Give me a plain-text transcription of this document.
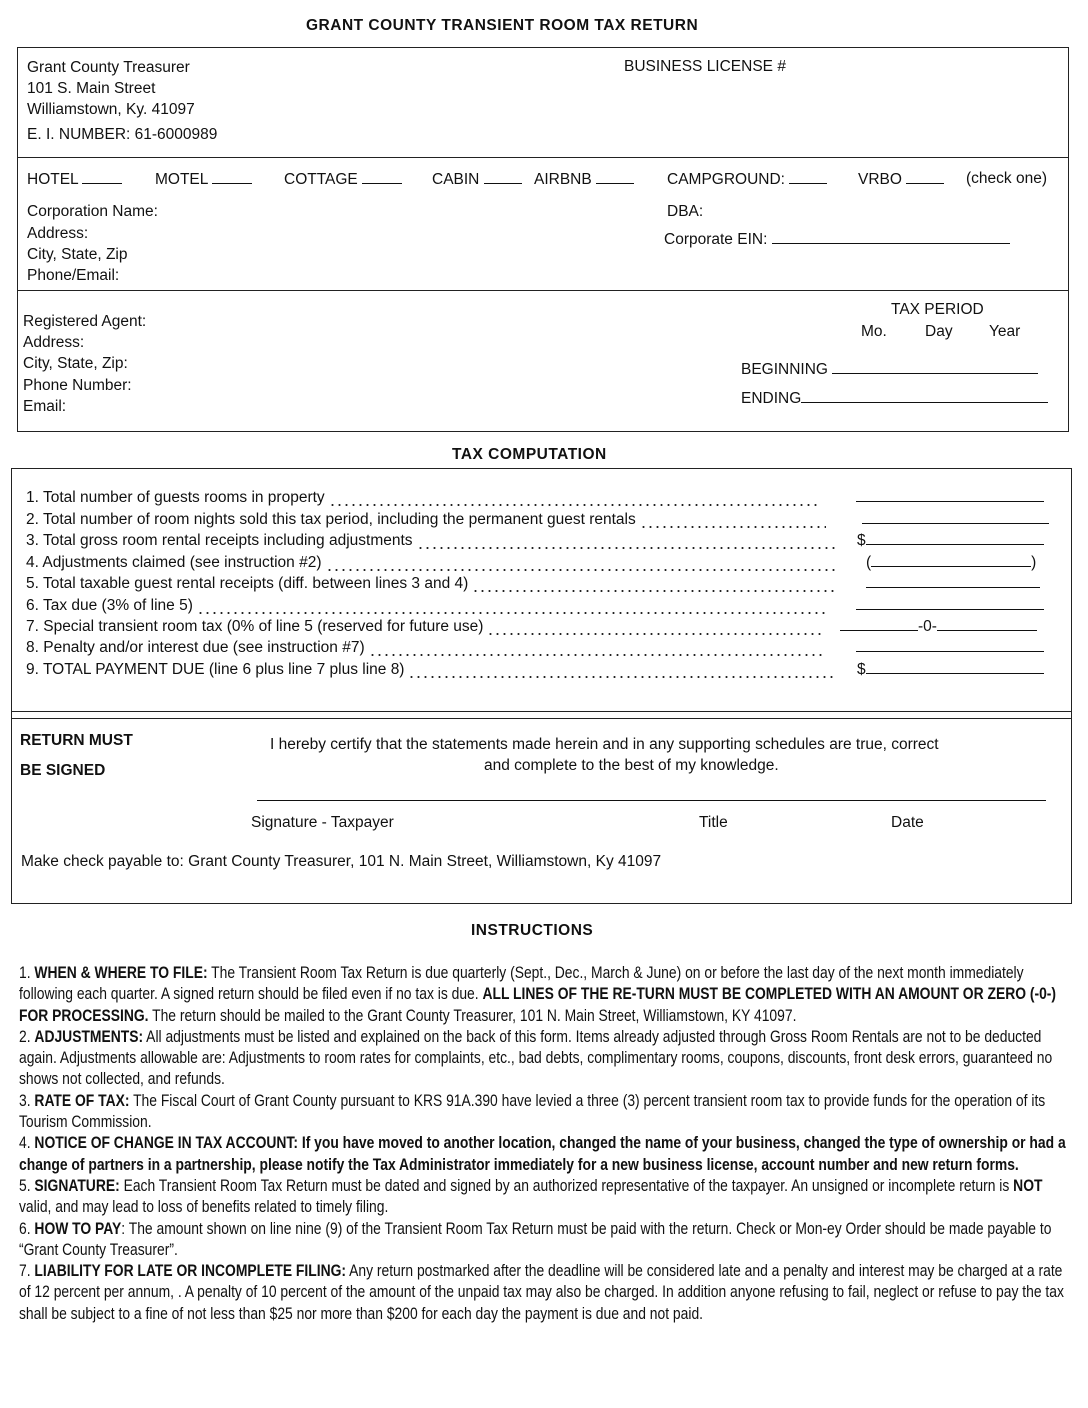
GRANT COUNTY TRANSIENT ROOM TAX RETURN
Grant County Treasurer
101 S. Main Street
Williamstown, Ky. 41097
E. I. NUMBER: 61-6000989
BUSINESS LICENSE #
HOTEL	MOTEL	COTTAGE	CABIN	AIRBNB	CAMPGROUND:	VRBO	(check one)
Corporation Name:
Address:
City, State, Zip
Phone/Email:
DBA:
Corporate EIN:
Registered Agent:
Address:
City, State, Zip:
Phone Number:
Email:
TAX PERIOD
Mo. Day Year
BEGINNING
ENDING
TAX COMPUTATION
1. Total number of guests rooms in property
2. Total number of room nights sold this tax period, including the permanent guest rentals
3. Total gross room rental receipts including adjustments	$
4. Adjustments claimed (see instruction #2)	(	)
5. Total taxable guest rental receipts (diff. between lines 3 and 4)
6. Tax due (3% of line 5)
7. Special transient room tax (0% of line 5 (reserved for future use)	-0-
8. Penalty and/or interest due (see instruction #7)
9. TOTAL PAYMENT DUE (line 6 plus line 7 plus line 8)	$
RETURN MUST
BE SIGNED
I hereby certify that the statements made herein and in any supporting schedules are true, correct
and complete to the best of my knowledge.
Signature - Taxpayer	Title	Date
Make check payable to: Grant County Treasurer, 101 N. Main Street, Williamstown, Ky 41097
INSTRUCTIONS

1. WHEN & WHERE TO FILE: The Transient Room Tax Return is due quarterly (Sept., Dec., March & June) on or before the last day of the next month immediately following each quarter. A signed return should be filed even if no tax is due. ALL LINES OF THE RE-TURN MUST BE COMPLETED WITH AN AMOUNT OR ZERO (-0-) FOR PROCESSING. The return should be mailed to the Grant County Treasurer, 101 N. Main Street, Williamstown, KY 41097.

2. ADJUSTMENTS: All adjustments must be listed and explained on the back of this form. Items already adjusted through Gross Room Rentals are not to be deducted again. Adjustments allowable are: Adjustments to room rates for complaints, etc., bad debts, complimentary rooms, coupons, discounts, front desk errors, guaranteed no shows not collected, and refunds.

3. RATE OF TAX: The Fiscal Court of Grant County pursuant to KRS 91A.390 have levied a three (3) percent transient room tax to provide funds for the operation of its Tourism Commission.

4. NOTICE OF CHANGE IN TAX ACCOUNT: If you have moved to another location, changed the name of your business, changed the type of ownership or had a change of partners in a partnership, please notify the Tax Administrator immediately for a new business license, account number and new return forms.

5. SIGNATURE: Each Transient Room Tax Return must be dated and signed by an authorized representative of the taxpayer. An unsigned or incomplete return is NOT valid, and may lead to loss of benefits related to timely filing.

6. HOW TO PAY: The amount shown on line nine (9) of the Transient Room Tax Return must be paid with the return. Check or Mon-ey Order should be made payable to “Grant County Treasurer”.

7. LIABILITY FOR LATE OR INCOMPLETE FILING: Any return postmarked after the deadline will be considered late and a penalty and interest may be charged at a rate of 12 percent per annum, . A penalty of 10 percent of the amount of the unpaid tax may also be charged. In addition anyone refusing to fail, neglect or refuse to pay the tax shall be subject to a fine of not less than $25 nor more than $200 for each day the payment is due and not paid.
